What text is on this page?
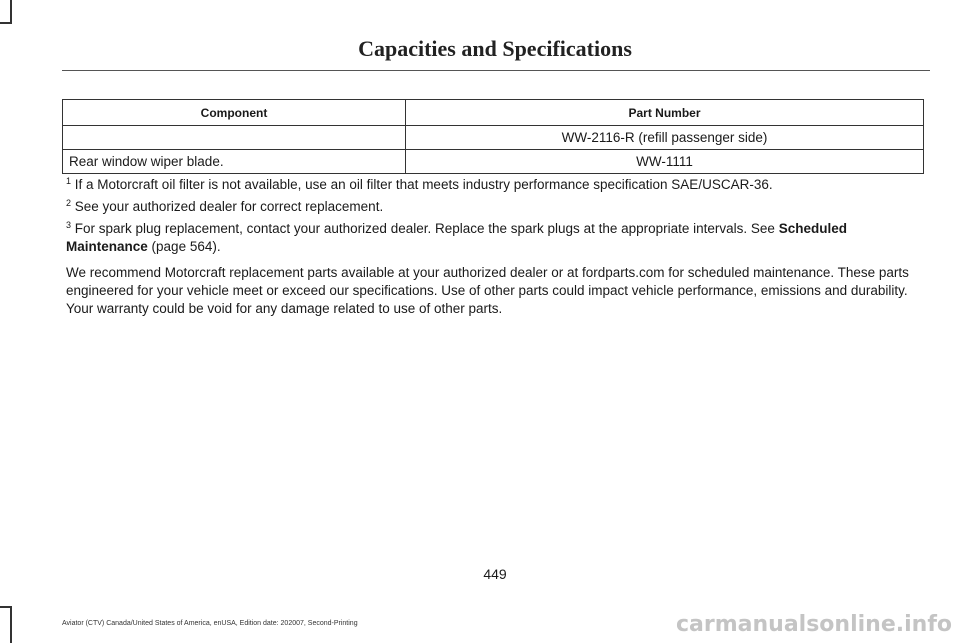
Capacities and Specifications
Component	Part Number
	WW-2116-R (refill passenger side)
Rear window wiper blade.	WW-1111

$^1$ If a Motorcraft oil filter is not available, use an oil filter that meets industry performance specification SAE/USCAR-36.

$^2$ See your authorized dealer for correct replacement.

$^3$ For spark plug replacement, contact your authorized dealer. Replace the spark plugs at the appropriate intervals. See Scheduled Maintenance (page 564).

We recommend Motorcraft replacement parts available at your authorized dealer or at fordparts.com for scheduled maintenance. These parts engineered for your vehicle meet or exceed our specifications. Use of other parts could impact vehicle performance, emissions and durability. Your warranty could be void for any damage related to use of other parts.

449
Aviator (CTV) Canada/United States of America, enUSA, Edition date: 202007, Second-Printing	carmanualsonline.info
